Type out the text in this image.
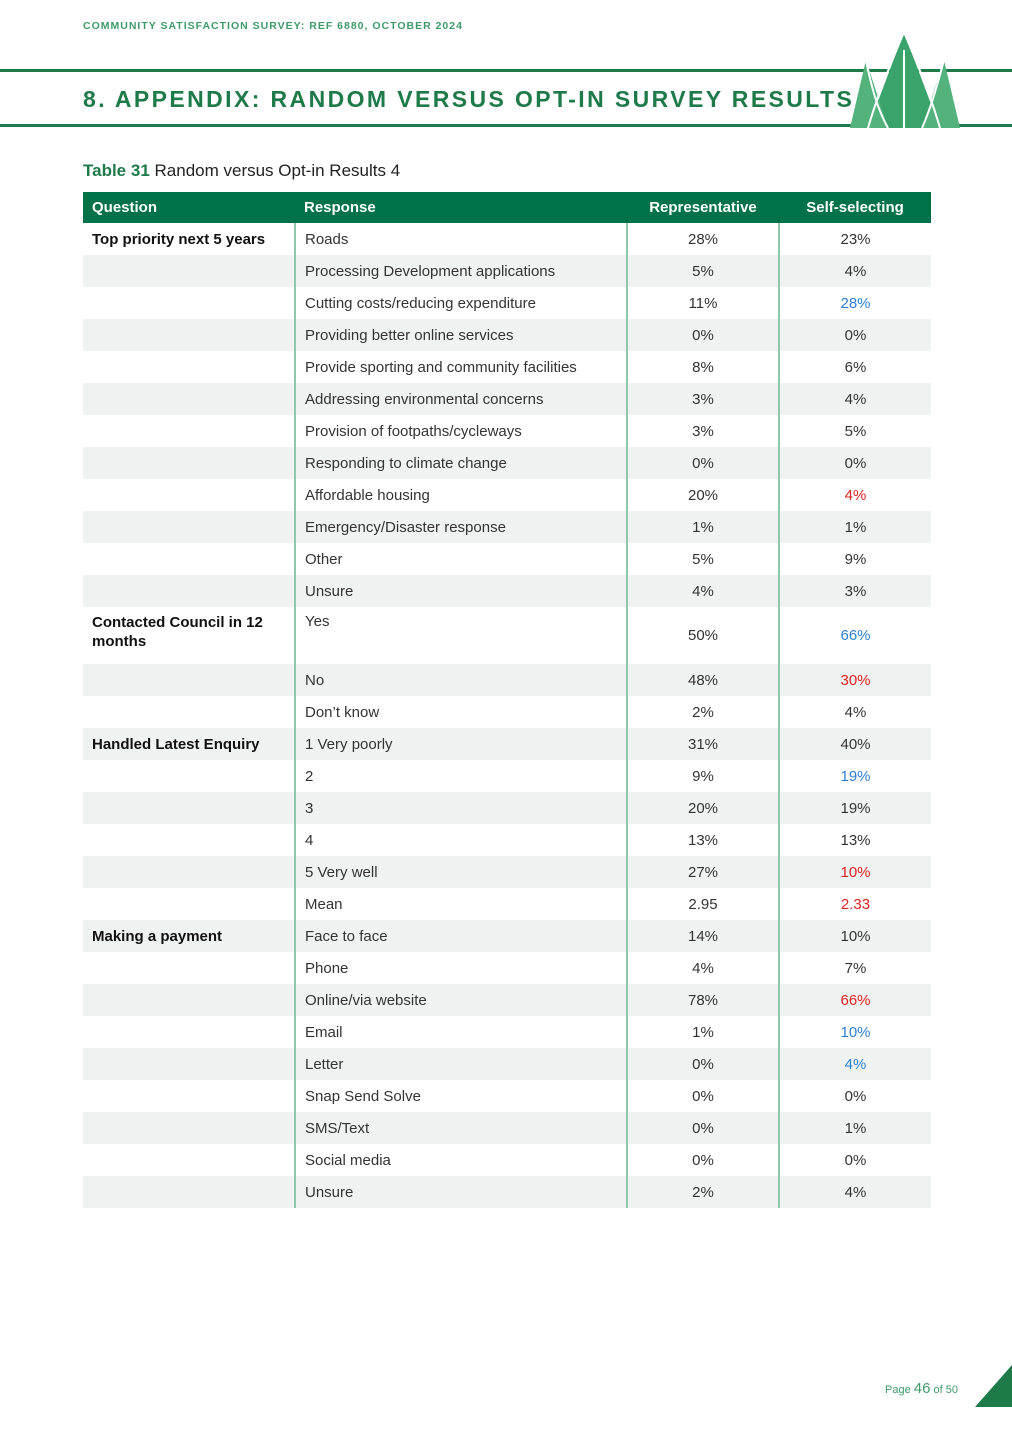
COMMUNITY SATISFACTION SURVEY: REF 6880, OCTOBER 2024
8. APPENDIX: RANDOM VERSUS OPT-IN SURVEY RESULTS
Table 31 Random versus Opt-in Results 4
Question	Response	Representative	Self-selecting
Top priority next 5 years	Roads	28%	23%
	Processing Development applications	5%	4%
	Cutting costs/reducing expenditure	11%	28%
	Providing better online services	0%	0%
	Provide sporting and community facilities	8%	6%
	Addressing environmental concerns	3%	4%
	Provision of footpaths/cycleways	3%	5%
	Responding to climate change	0%	0%
	Affordable housing	20%	4%
	Emergency/Disaster response	1%	1%
	Other	5%	9%
	Unsure	4%	3%
Contacted Council in 12 months	Yes	50%	66%
	No	48%	30%
	Don’t know	2%	4%
Handled Latest Enquiry	1 Very poorly	31%	40%
	2	9%	19%
	3	20%	19%
	4	13%	13%
	5 Very well	27%	10%
	Mean	2.95	2.33
Making a payment	Face to face	14%	10%
	Phone	4%	7%
	Online/via website	78%	66%
	Email	1%	10%
	Letter	0%	4%
	Snap Send Solve	0%	0%
	SMS/Text	0%	1%
	Social media	0%	0%
	Unsure	2%	4%
Page 46 of 50
